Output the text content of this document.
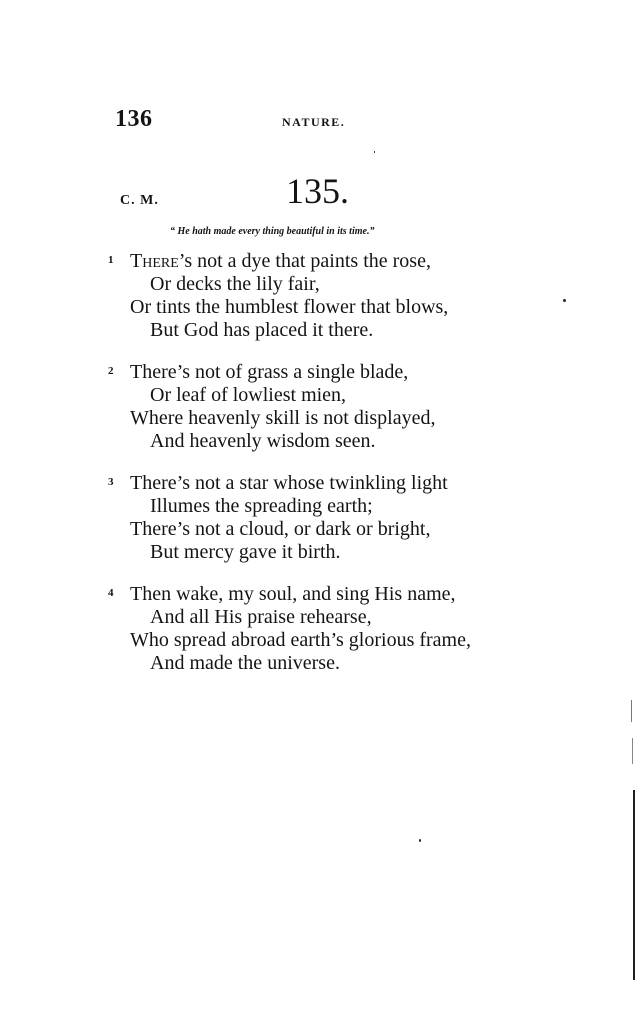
136	NATURE.
C. M.	135.
“ He hath made every thing beautiful in its time.”
1 There’s not a dye that paints the rose,
Or decks the lily fair,
Or tints the humblest flower that blows,
But God has placed it there.
2 There’s not of grass a single blade,
Or leaf of lowliest mien,
Where heavenly skill is not displayed,
And heavenly wisdom seen.
3 There’s not a star whose twinkling light
Illumes the spreading earth;
There’s not a cloud, or dark or bright,
But mercy gave it birth.
4 Then wake, my soul, and sing His name,
And all His praise rehearse,
Who spread abroad earth’s glorious frame,
And made the universe.
